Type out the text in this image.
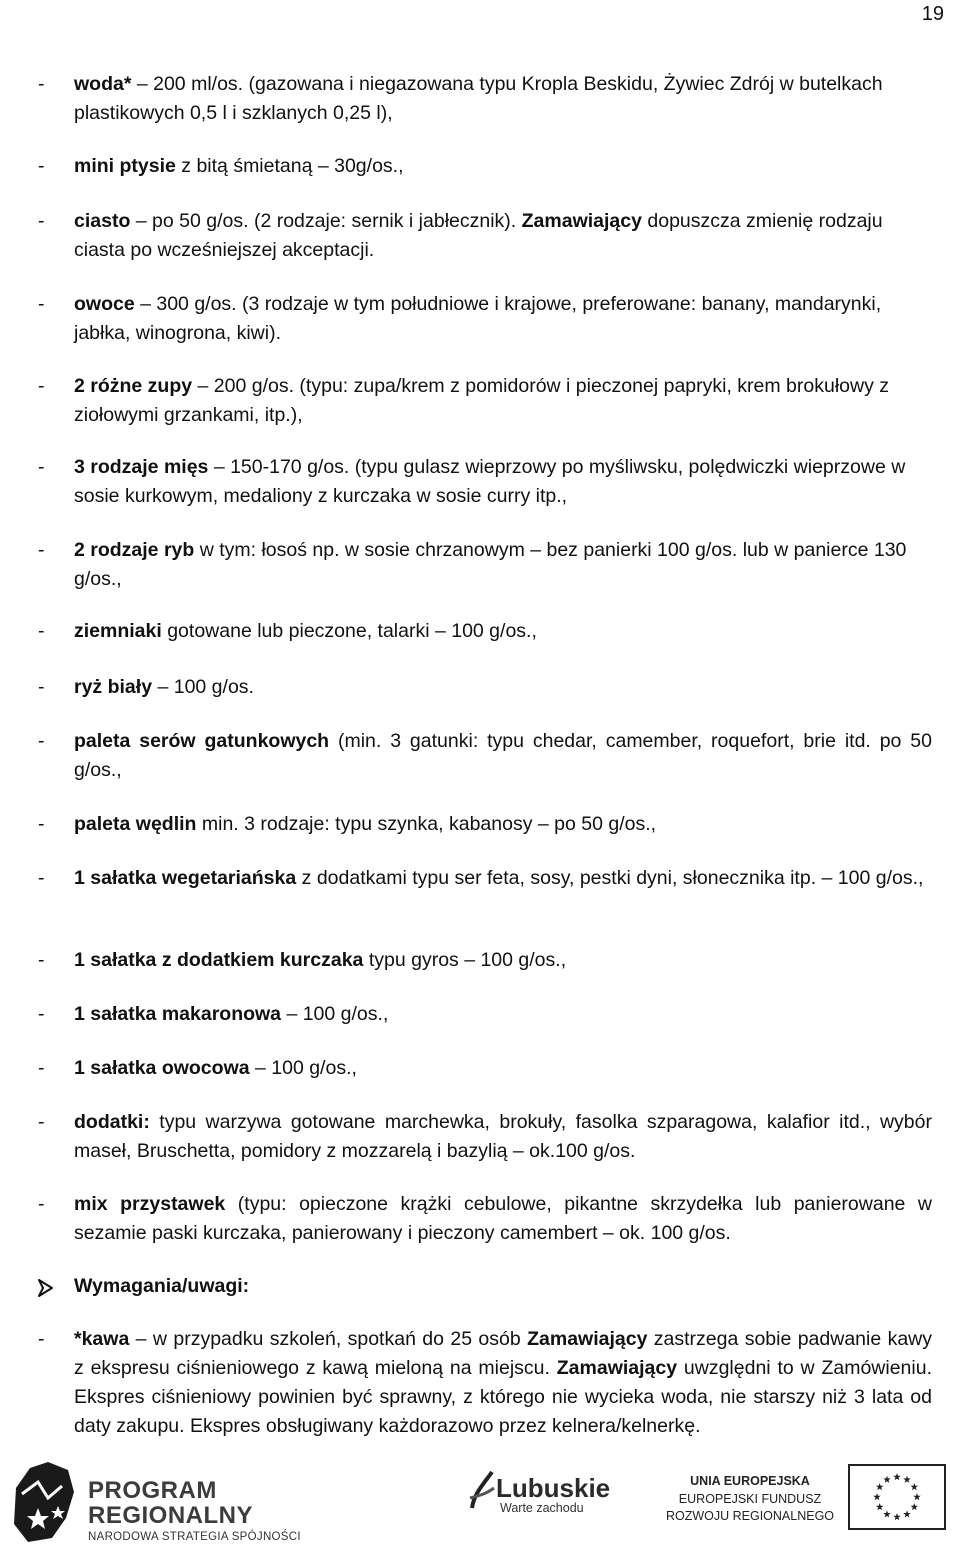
19
- woda* – 200 ml/os. (gazowana i niegazowana typu Kropla Beskidu, Żywiec Zdrój w butelkach plastikowych 0,5 l i szklanych 0,25 l),
- mini ptysie z bitą śmietaną – 30g/os.,
- ciasto – po 50 g/os. (2 rodzaje: sernik i jabłecznik). Zamawiający dopuszcza zmienię rodzaju ciasta po wcześniejszej akceptacji.
- owoce – 300 g/os. (3 rodzaje w tym południowe i krajowe, preferowane: banany, mandarynki, jabłka, winogrona, kiwi).
- 2 różne zupy – 200 g/os. (typu: zupa/krem z pomidorów i pieczonej papryki, krem brokułowy z ziołowymi grzankami, itp.),
- 3 rodzaje mięs – 150-170 g/os. (typu gulasz wieprzowy po myśliwsku, polędwiczki wieprzowe w sosie kurkowym, medaliony z kurczaka w sosie curry itp.,
- 2 rodzaje ryb w tym: łosoś np. w sosie chrzanowym – bez panierki 100 g/os. lub w panierce 130 g/os.,
- ziemniaki gotowane lub pieczone, talarki – 100 g/os.,
- ryż biały – 100 g/os.
- paleta serów gatunkowych (min. 3 gatunki: typu chedar, camember, roquefort, brie itd. po 50 g/os.,
- paleta wędlin min. 3 rodzaje: typu szynka, kabanosy – po 50 g/os.,
- 1 sałatka wegetariańska z dodatkami typu ser feta, sosy, pestki dyni, słonecznika itp. – 100 g/os.,
- 1 sałatka z dodatkiem kurczaka typu gyros – 100 g/os.,
- 1 sałatka makaronowa – 100 g/os.,
- 1 sałatka owocowa – 100 g/os.,
- dodatki: typu warzywa gotowane marchewka, brokuły, fasolka szparagowa, kalafior itd., wybór maseł, Bruschetta, pomidory z mozzarelą i bazylią – ok.100 g/os.
- mix przystawek (typu: opieczone krążki cebulowe, pikantne skrzydełka lub panierowane w sezamie paski kurczaka, panierowany i pieczony camembert – ok. 100 g/os.
Wymagania/uwagi:
- *kawa – w przypadku szkoleń, spotkań do 25 osób Zamawiający zastrzega sobie padwanie kawy z ekspresu ciśnieniowego z kawą mieloną na miejscu. Zamawiający uwzględni to w Zamówieniu. Ekspres ciśnieniowy powinien być sprawny, z którego nie wycieka woda, nie starszy niż 3 lata od daty zakupu. Ekspres obsługiwany każdorazowo przez kelnera/kelnerkę.
PROGRAM
REGIONALNY
NARODOWA STRATEGIA SPÓJNOŚCI
Lubuskie
Warte zachodu
UNIA EUROPEJSKA
EUROPEJSKI FUNDUSZ
ROZWOJU REGIONALNEGO
